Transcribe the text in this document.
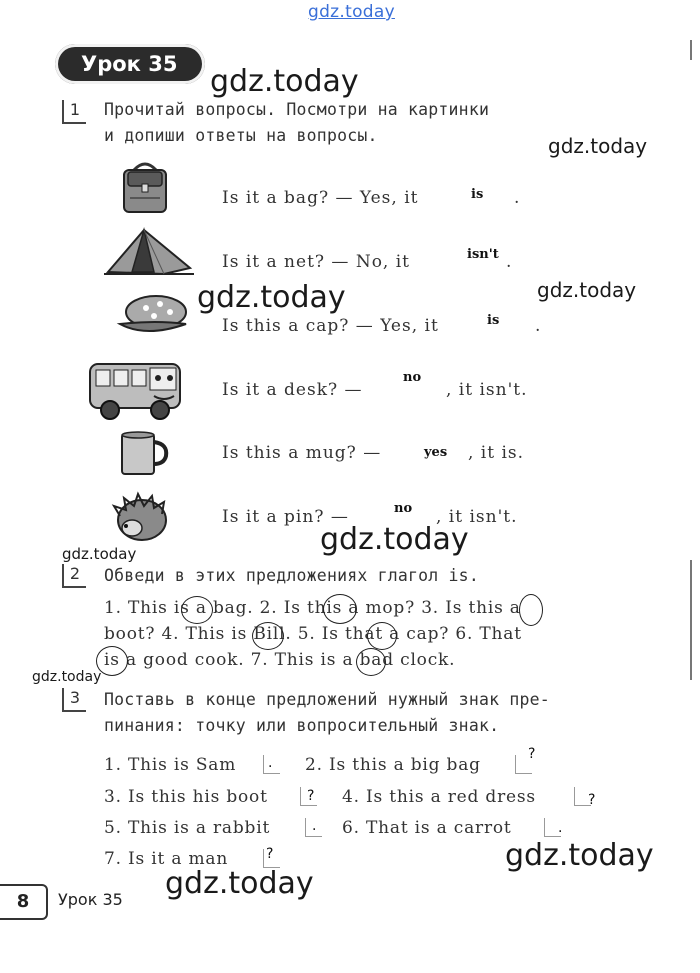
gdz.today
gdz.today
gdz.today
gdz.today	gdz.today
gdz.today
gdz.today
gdz.today
gdz.today
gdz.today
Урок 35
1	Прочитай вопросы. Посмотри на картинки
и допиши ответы на вопросы.
Is it a bag? — Yes, it	is .
Is it a net? — No, it	isn't .
Is this a cap? — Yes, it	is .
Is it a desk? —
no
, it isn't.
Is this a mug? —	yes , it is.
Is it a pin? —	no , it isn't.
2	Обведи в этих предложениях глагол is.
1. This is a bag. 2. Is this a mop? 3. Is this a
boot? 4. This is Bill. 5. Is that a cap? 6. That
is a good cook. 7. This is a bad clock.
3	Поставь в конце предложений нужный знак пре-
пинания: точку или вопросительный знак.
1. This is Sam . 2. Is this a big bag
?
3. Is this his boot	? 4. Is this a red dress	?
5. This is a rabbit	. 6. That is a carrot	.
7. Is it a man	?
8	Урок 35
